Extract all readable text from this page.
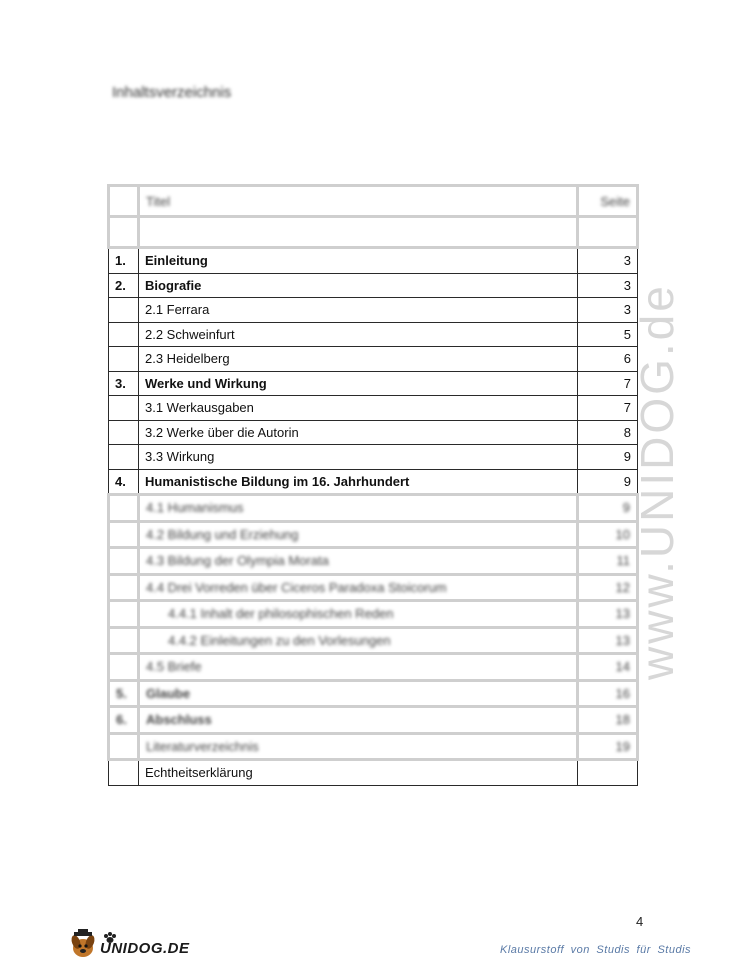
Inhaltsverzeichnis
www.UNIDOG.de
	Titel	Seite

1.	Einleitung	3
2.	Biografie	3
	2.1 Ferrara	3
	2.2 Schweinfurt	5
	2.3 Heidelberg	6
3.	Werke und Wirkung	7
	3.1 Werkausgaben	7
	3.2 Werke über die Autorin	8
	3.3 Wirkung	9
4.	Humanistische Bildung im 16. Jahrhundert	9
	4.1 Humanismus	9
	4.2 Bildung und Erziehung	10
	4.3 Bildung der Olympia Morata	11
	4.4 Drei Vorreden über Ciceros Paradoxa Stoicorum	12
	4.4.1 Inhalt der philosophischen Reden	13
	4.4.2 Einleitungen zu den Vorlesungen	13
	4.5 Briefe	14
5.	Glaube	16
6.	Abschluss	18
	Literaturverzeichnis	19
	Echtheitserklärung	
4
UNIDOG.DE	Klausurstoff von Studis für Studis
